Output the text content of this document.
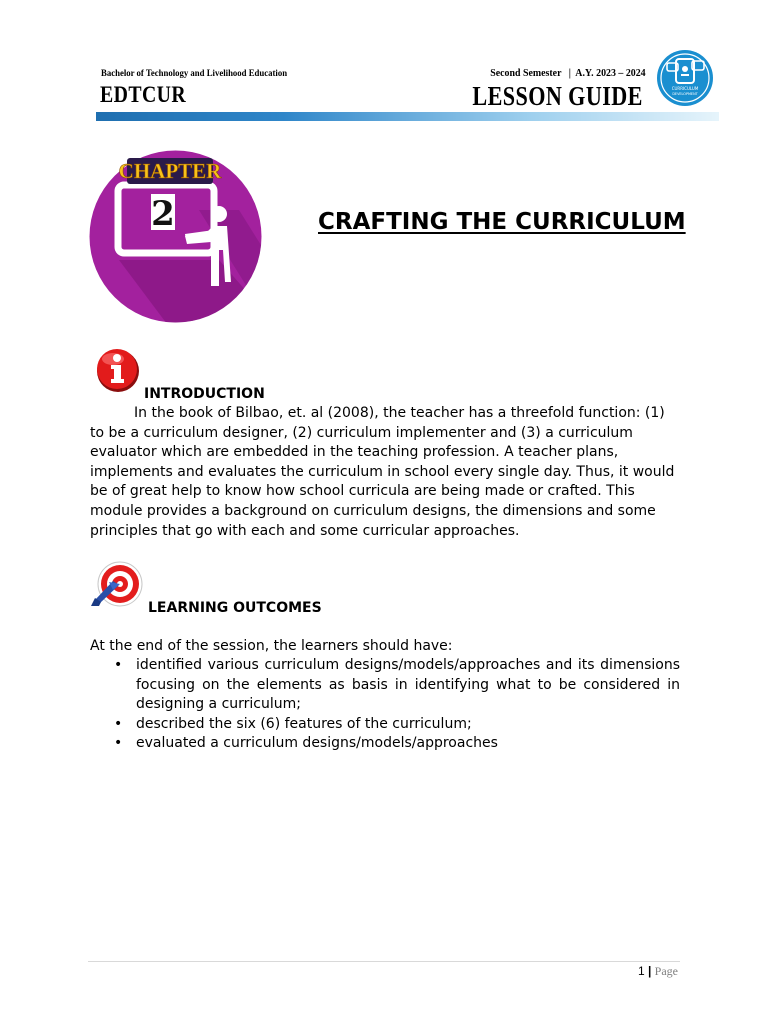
Bachelor of Technology and Livelihood Education
EDTCUR
Second Semester   |  A.Y. 2023 – 2024
LESSON GUIDE	CURRICULUM
DEVELOPMENT
2
CHAPTER
CRAFTING THE CURRICULUM
INTRODUCTION
In the book of Bilbao, et. al (2008), the teacher has a threefold function: (1) to be a curriculum designer, (2) curriculum implementer and (3) a curriculum evaluator which are embedded in the teaching profession. A teacher plans, implements and evaluates the curriculum in school every single day. Thus, it would be of great help to know how school curricula are being made or crafted. This module provides a background on curriculum designs, the dimensions and some principles that go with each and some curricular approaches.
LEARNING OUTCOMES
At the end of the session, the learners should have:
• identified various curriculum designs/models/approaches and its dimensions focusing on the elements as basis in identifying what to be considered in designing a curriculum;
• described the six (6) features of the curriculum;
• evaluated a curriculum designs/models/approaches
1 | Page
